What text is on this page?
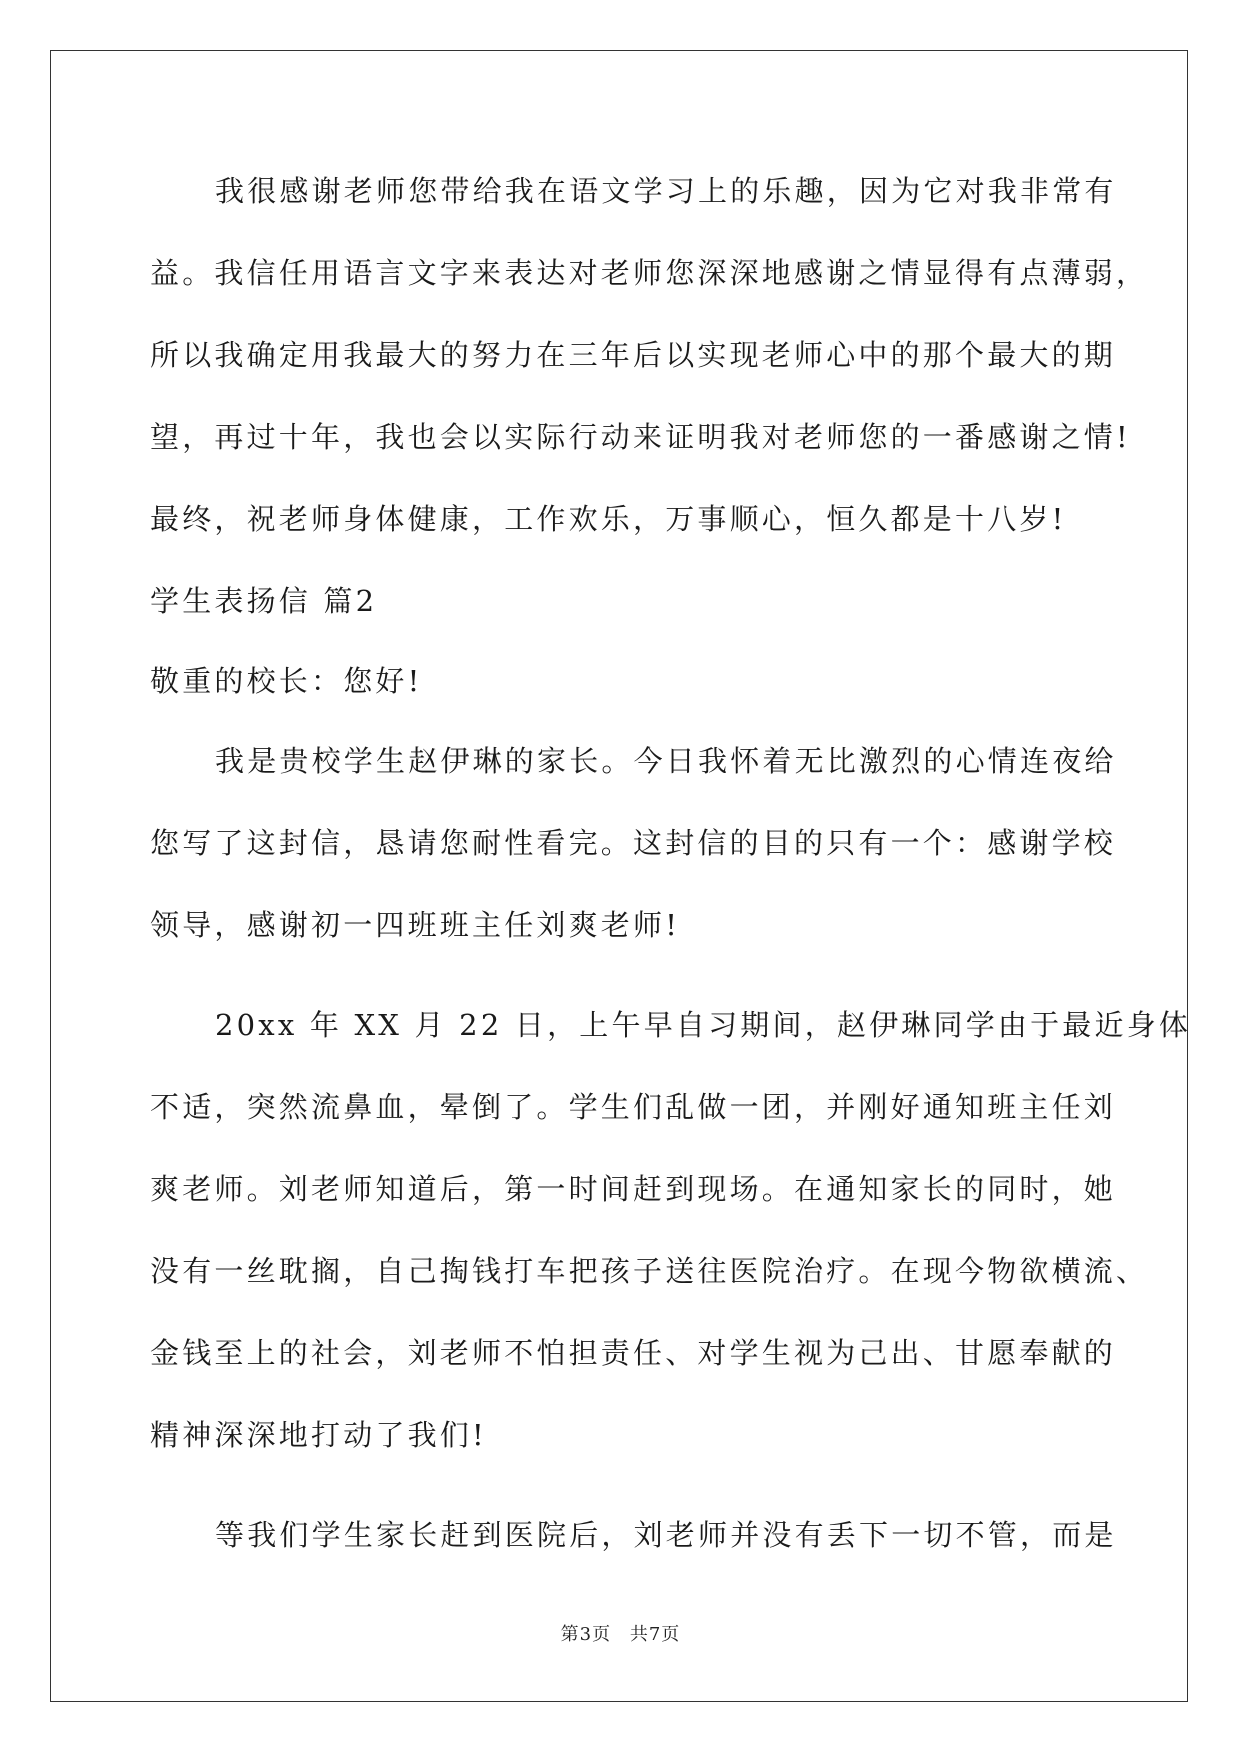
我很感谢老师您带给我在语文学习上的乐趣，因为它对我非常有
益。我信任用语言文字来表达对老师您深深地感谢之情显得有点薄弱，
所以我确定用我最大的努力在三年后以实现老师心中的那个最大的期
望，再过十年，我也会以实际行动来证明我对老师您的一番感谢之情!
最终，祝老师身体健康，工作欢乐，万事顺心，恒久都是十八岁!
学生表扬信 篇2
敬重的校长：您好!
我是贵校学生赵伊琳的家长。今日我怀着无比激烈的心情连夜给
您写了这封信，恳请您耐性看完。这封信的目的只有一个：感谢学校
领导，感谢初一四班班主任刘爽老师!
20xx 年 XX 月 22 日，上午早自习期间，赵伊琳同学由于最近身体
不适，突然流鼻血，晕倒了。学生们乱做一团，并刚好通知班主任刘
爽老师。刘老师知道后，第一时间赶到现场。在通知家长的同时，她
没有一丝耽搁，自己掏钱打车把孩子送往医院治疗。在现今物欲横流、
金钱至上的社会，刘老师不怕担责任、对学生视为己出、甘愿奉献的
精神深深地打动了我们!
等我们学生家长赶到医院后，刘老师并没有丢下一切不管，而是
第3页 共7页
